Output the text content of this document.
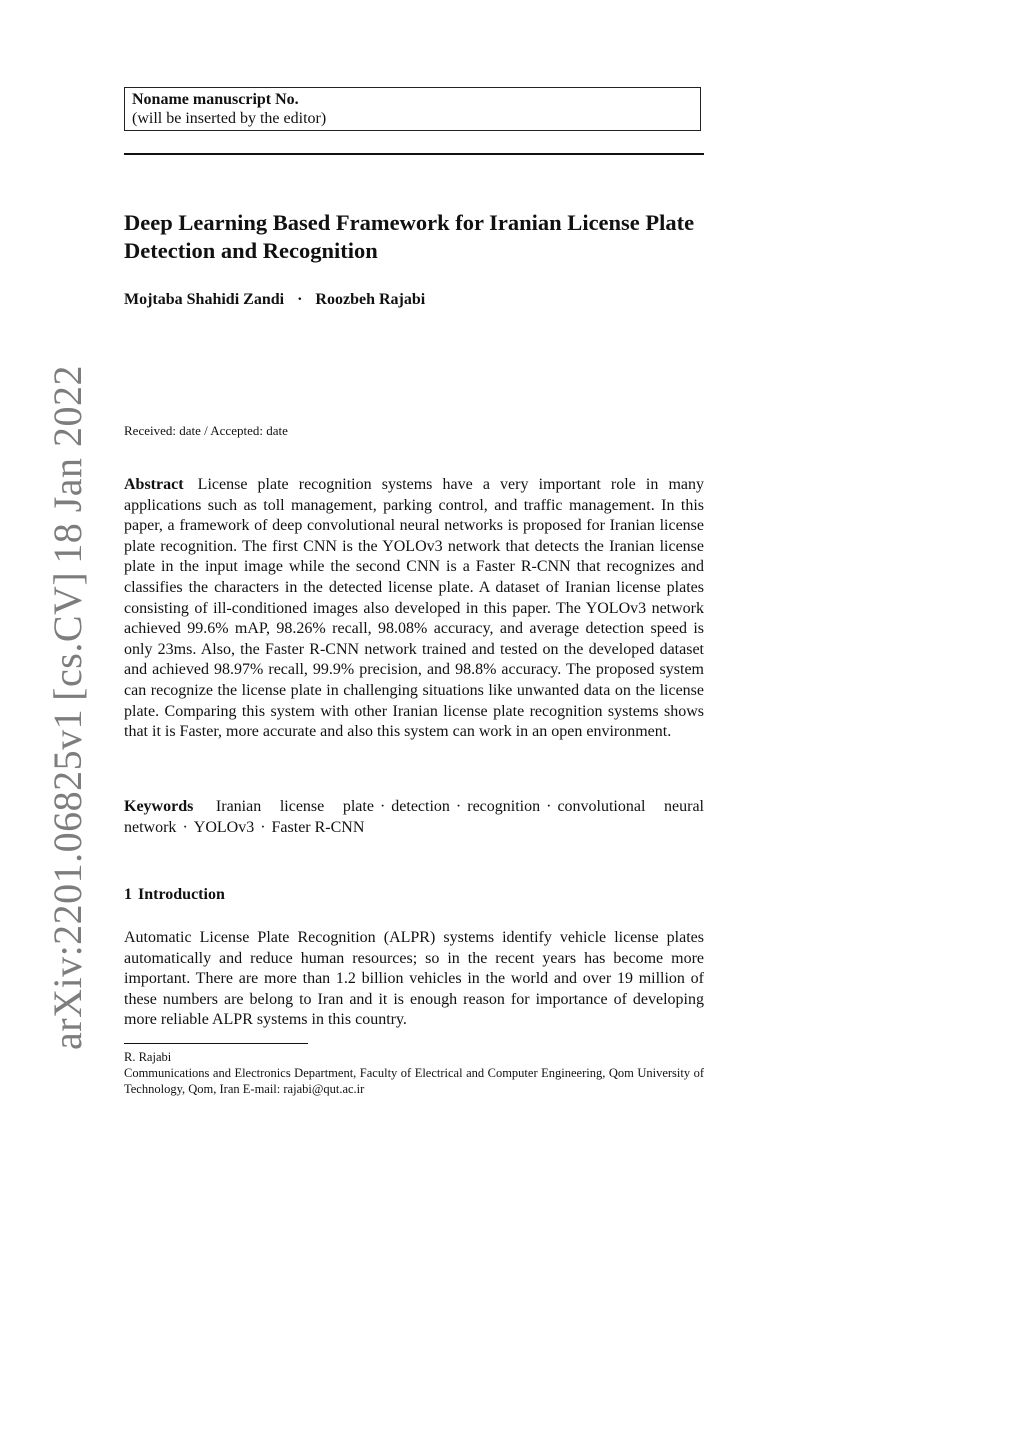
Noname manuscript No.
(will be inserted by the editor)
Deep Learning Based Framework for Iranian License Plate Detection and Recognition
Mojtaba Shahidi Zandi · Roozbeh Rajabi
Received: date / Accepted: date

Abstract License plate recognition systems have a very important role in many applications such as toll management, parking control, and traffic management. In this paper, a framework of deep convolutional neural networks is proposed for Iranian license plate recognition. The first CNN is the YOLOv3 network that detects the Iranian license plate in the input image while the second CNN is a Faster R-CNN that recognizes and classifies the characters in the detected license plate. A dataset of Iranian license plates consisting of ill-conditioned images also developed in this paper. The YOLOv3 network achieved 99.6% mAP, 98.26% recall, 98.08% accuracy, and average detection speed is only 23ms. Also, the Faster R-CNN network trained and tested on the developed dataset and achieved 98.97% recall, 99.9% precision, and 98.8% accuracy. The proposed system can recognize the license plate in challenging situations like unwanted data on the license plate. Comparing this system with other Iranian license plate recognition systems shows that it is Faster, more accurate and also this system can work in an open environment.

Keywords Iranian license plate · detection · recognition · convolutional neural network · YOLOv3 · Faster R-CNN

1 Introduction

Automatic License Plate Recognition (ALPR) systems identify vehicle license plates automatically and reduce human resources; so in the recent years has become more important. There are more than 1.2 billion vehicles in the world and over 19 million of these numbers are belong to Iran and it is enough reason for importance of developing more reliable ALPR systems in this country.

R. Rajabi
Communications and Electronics Department, Faculty of Electrical and Computer Engineering, Qom University of Technology, Qom, Iran E-mail: rajabi@qut.ac.ir
arXiv:2201.06825v1[cs.CV]18 Jan 2022
